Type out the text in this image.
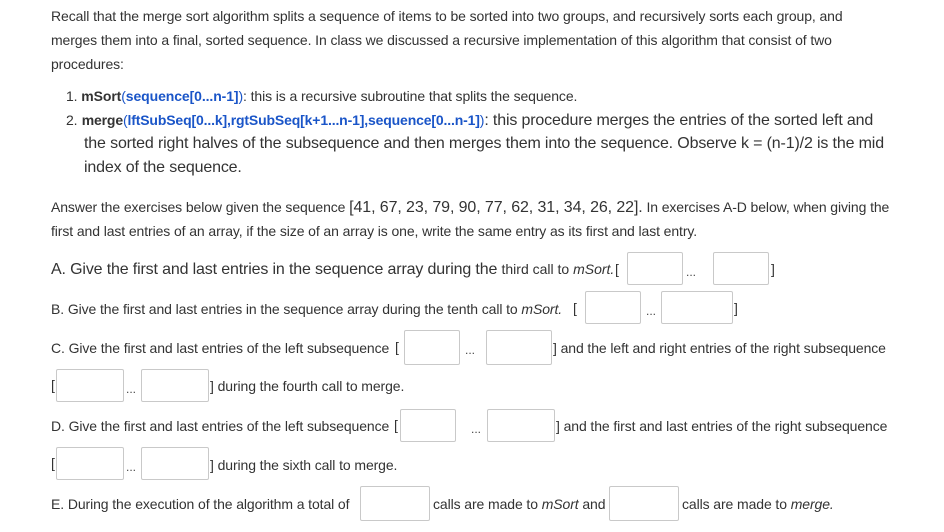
Recall that the merge sort algorithm splits a sequence of items to be sorted into two groups, and recursively sorts each group, and
merges them into a final, sorted sequence. In class we discussed a recursive implementation of this algorithm that consist of two
procedures:
1. mSort(sequence[0...n-1]): this is a recursive subroutine that splits the sequence.
2. merge(lftSubSeq[0...k],rgtSubSeq[k+1...n-1],sequence[0...n-1]): this procedure merges the entries of the sorted left and
the sorted right halves of the subsequence and then merges them into the sequence. Observe k = (n-1)/2 is the mid
index of the sequence.
Answer the exercises below given the sequence [41, 67, 23, 79, 90, 77, 62, 31, 34, 26, 22]. In exercises A-D below, when giving the
first and last entries of an array, if the size of an array is one, write the same entry as its first and last entry.
A. Give the first and last entries in the sequence array during the third call to mSort. [	...	]
B. Give the first and last entries in the sequence array during the tenth call to mSort. [	...	]
C. Give the first and last entries of the left subsequence [	...	] and the left and right entries of the right subsequence
[	...	] during the fourth call to merge.
D. Give the first and last entries of the left subsequence [	...	] and the first and last entries of the right subsequence
[	...	] during the sixth call to merge.
E. During the execution of the algorithm a total of	calls are made to mSort and	calls are made to merge.
